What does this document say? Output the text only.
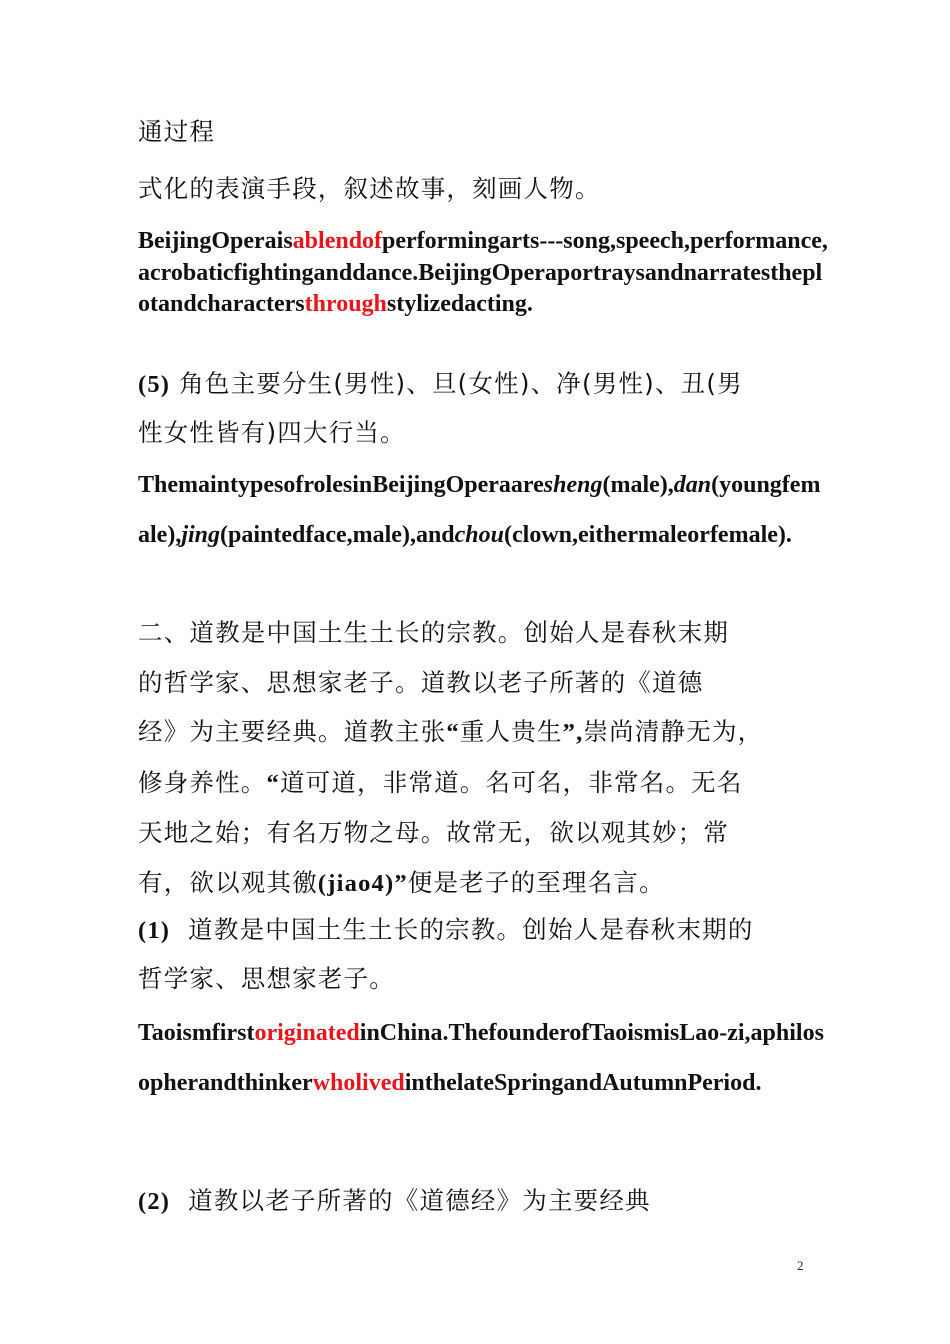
通过程

式化的表演手段，叙述故事，刻画人物。

BeijingOperaisablendofperformingarts---song,speech,performance,acrobaticfightinganddance.BeijingOperaportraysandnarratestheplotandcharactersthroughstylizedacting.

(5) 角色主要分生(男性)、旦(女性)、净(男性)、丑(男
性女性皆有)四大行当。

ThemaintypesofrolesinBeijingOperaaresheng(male),dan(youngfemale),jing(paintedface,male),andchou(clown,eithermaleorfemale).

二、道教是中国土生土长的宗教。创始人是春秋末期
的哲学家、思想家老子。道教以老子所著的《道德
经》为主要经典。道教主张“重人贵生”,崇尚清静无为，
修身养性。“道可道，非常道。名可名，非常名。无名
天地之始；有名万物之母。故常无，欲以观其妙；常
有，欲以观其徼(jiao4)”便是老子的至理名言。
(1) 道教是中国土生土长的宗教。创始人是春秋末期的
哲学家、思想家老子。

TaoismfirstoriginatedinChina.ThefounderofTaoismisLao-zi,aphilosopherandthinkerwholivedinthelateSpringandAutumnPeriod.

(2) 道教以老子所著的《道德经》为主要经典
2
